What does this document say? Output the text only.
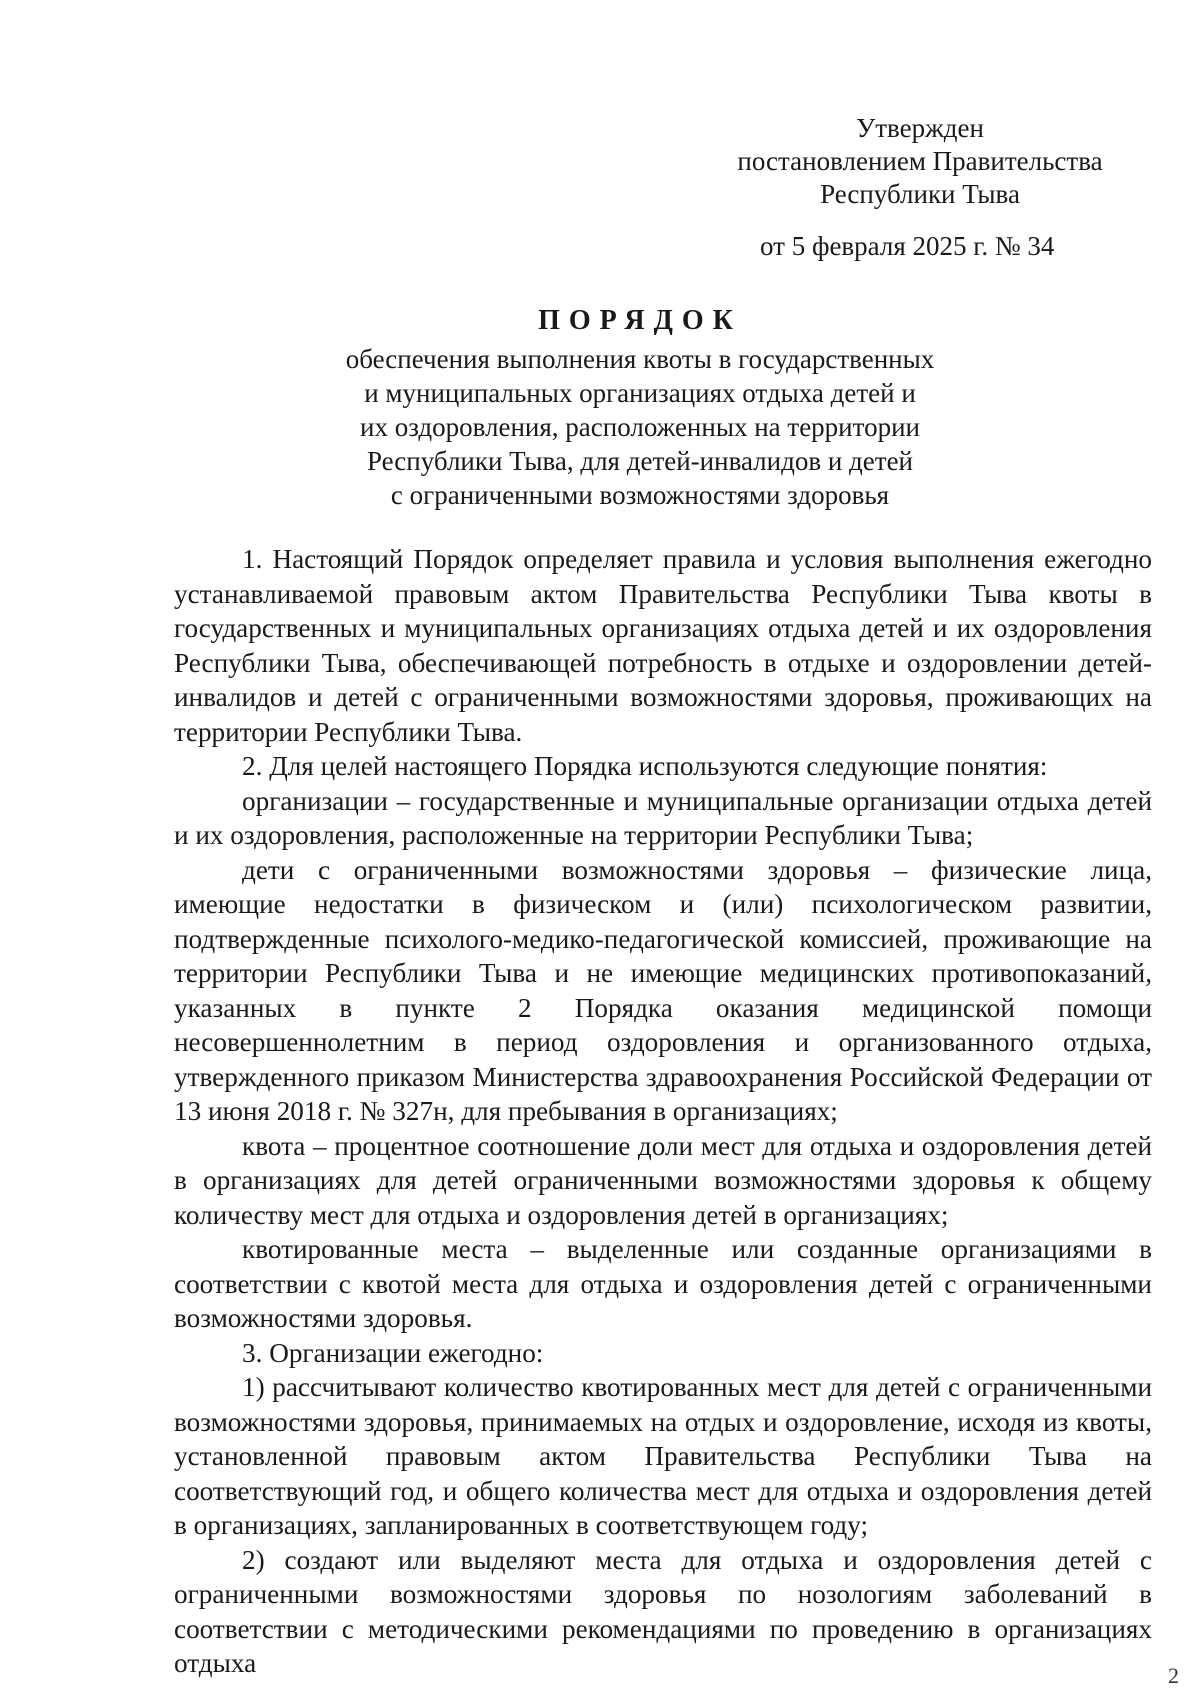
Утвержден
постановлением Правительства
Республики Тыва
от 5 февраля 2025 г. № 34
ПОРЯДОК
обеспечения выполнения квоты в государственных
и муниципальных организациях отдыха детей и
их оздоровления, расположенных на территории
Республики Тыва, для детей-инвалидов и детей
с ограниченными возможностями здоровья

1. Настоящий Порядок определяет правила и условия выполнения ежегодно устанавливаемой правовым актом Правительства Республики Тыва квоты в государственных и муниципальных организациях отдыха детей и их оздоровления Республики Тыва, обеспечивающей потребность в отдыхе и оздоровлении детей-инвалидов и детей с ограниченными возможностями здоровья, проживающих на территории Республики Тыва.

2. Для целей настоящего Порядка используются следующие понятия:

организации – государственные и муниципальные организации отдыха детей и их оздоровления, расположенные на территории Республики Тыва;

дети с ограниченными возможностями здоровья – физические лица, имеющие недостатки в физическом и (или) психологическом развитии, подтвержденные психолого-медико-педагогической комиссией, проживающие на территории Республики Тыва и не имеющие медицинских противопоказаний, указанных в пункте 2 Порядка оказания медицинской помощи несовершеннолетним в период оздоровления и организованного отдыха, утвержденного приказом Министерства здравоохранения Российской Федерации от 13 июня 2018 г. № 327н, для пребывания в организациях;

квота – процентное соотношение доли мест для отдыха и оздоровления детей в организациях для детей ограниченными возможностями здоровья к общему количеству мест для отдыха и оздоровления детей в организациях;

квотированные места – выделенные или созданные организациями в соответствии с квотой места для отдыха и оздоровления детей с ограниченными возможностями здоровья.

3. Организации ежегодно:

1) рассчитывают количество квотированных мест для детей с ограниченными возможностями здоровья, принимаемых на отдых и оздоровление, исходя из квоты, установленной правовым актом Правительства Республики Тыва на соответствующий год, и общего количества мест для отдыха и оздоровления детей в организациях, запланированных в соответствующем году;

2) создают или выделяют места для отдыха и оздоровления детей с ограниченными возможностями здоровья по нозологиям заболеваний в соответствии с методическими рекомендациями по проведению в организациях отдыха	2
